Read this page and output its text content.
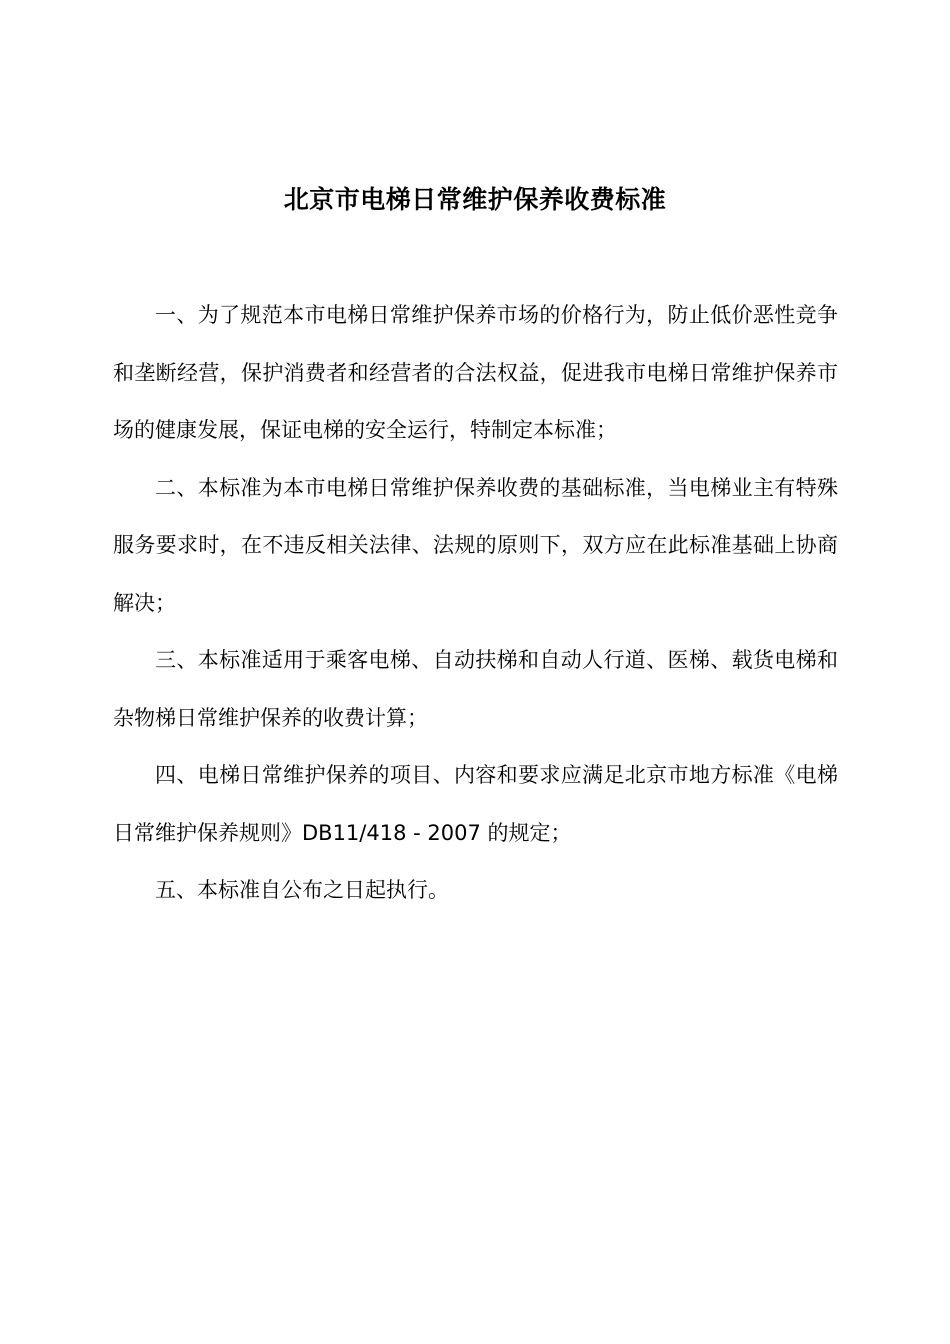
北京市电梯日常维护保养收费标准

一、为了规范本市电梯日常维护保养市场的价格行为，防止低价恶性竞争和垄断经营，保护消费者和经营者的合法权益，促进我市电梯日常维护保养市场的健康发展，保证电梯的安全运行，特制定本标准；

二、本标准为本市电梯日常维护保养收费的基础标准，当电梯业主有特殊服务要求时，在不违反相关法律、法规的原则下，双方应在此标准基础上协商解决；

三、本标准适用于乘客电梯、自动扶梯和自动人行道、医梯、载货电梯和杂物梯日常维护保养的收费计算；

四、电梯日常维护保养的项目、内容和要求应满足北京市地方标准《电梯日常维护保养规则》DB11/418 - 2007 的规定；

五、本标准自公布之日起执行。
